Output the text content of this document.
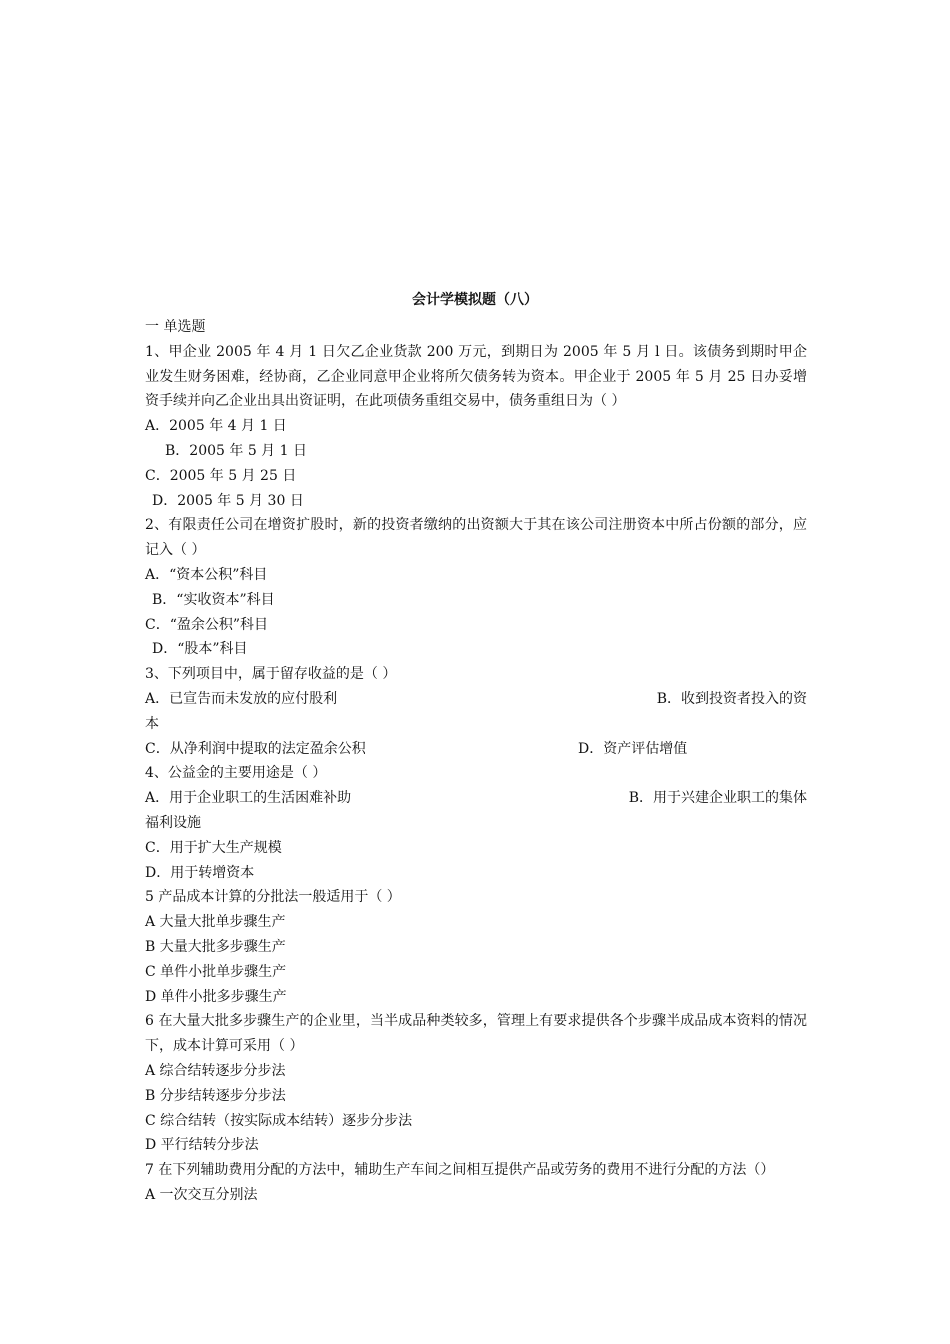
会计学模拟题（八）
一 单选题
1、甲企业 2005 年 4 月 1 日欠乙企业货款 200 万元，到期日为 2005 年 5 月 l 日。该债务到期时甲企业发生财务困难，经协商，乙企业同意甲企业将所欠债务转为资本。甲企业于 2005 年 5 月 25 日办妥增资手续并向乙企业出具出资证明，在此项债务重组交易中，债务重组日为（ ）
A．2005 年 4 月 1 日
B．2005 年 5 月 1 日
C．2005 年 5 月 25 日
D．2005 年 5 月 30 日
2、有限责任公司在增资扩股时，新的投资者缴纳的出资额大于其在该公司注册资本中所占份额的部分，应记入（ ）
A．“资本公积”科目
B．“实收资本”科目
C．“盈余公积”科目
D．“股本”科目
3、下列项目中，属于留存收益的是（ ）
A．已宣告而未发放的应付股利	B．收到投资者投入的资
本
C．从净利润中提取的法定盈余公积	D．资产评估增值
4、公益金的主要用途是（ ）
A．用于企业职工的生活困难补助	B．用于兴建企业职工的集体
福利设施
C．用于扩大生产规模
D．用于转增资本
5 产品成本计算的分批法一般适用于（ ）
A 大量大批单步骤生产
B 大量大批多步骤生产
C 单件小批单步骤生产
D 单件小批多步骤生产
6 在大量大批多步骤生产的企业里，当半成品种类较多，管理上有要求提供各个步骤半成品成本资料的情况下，成本计算可采用（ ）
A 综合结转逐步分步法
B 分步结转逐步分步法
C 综合结转（按实际成本结转）逐步分步法
D 平行结转分步法
7 在下列辅助费用分配的方法中，辅助生产车间之间相互提供产品或劳务的费用不进行分配的方法（）
A 一次交互分别法
